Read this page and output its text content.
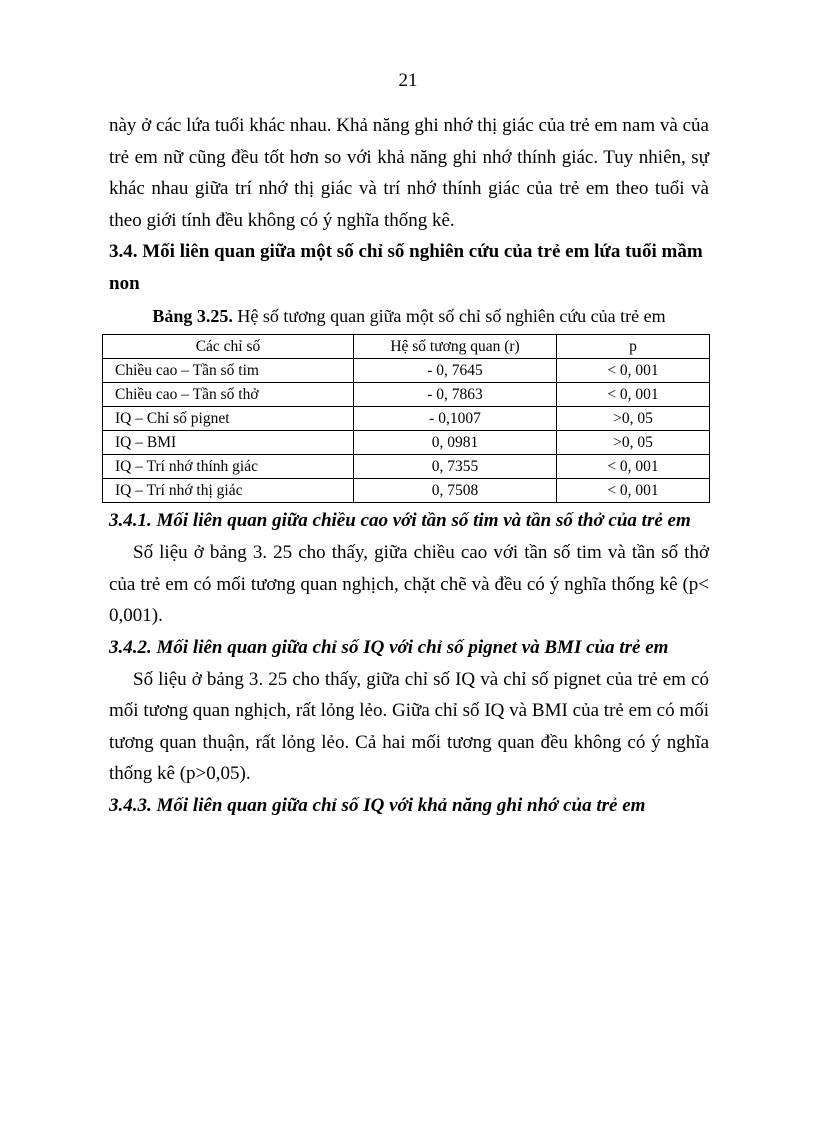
21

này ở các lứa tuổi khác nhau. Khả năng ghi nhớ thị giác của trẻ em nam và của trẻ em nữ cũng đều tốt hơn so với khả năng ghi nhớ thính giác. Tuy nhiên, sự khác nhau giữa trí nhớ thị giác và trí nhớ thính giác của trẻ em theo tuổi và theo giới tính đều không có ý nghĩa thống kê.

3.4. Mối liên quan giữa một số chỉ số nghiên cứu của trẻ em lứa tuổi mầm non

Bảng 3.25. Hệ số tương quan giữa một số chỉ số nghiên cứu của trẻ em
Các chỉ số	Hệ số tương quan (r)	p
Chiều cao – Tần số tim	- 0, 7645	< 0, 001
Chiều cao – Tần số thở	- 0, 7863	< 0, 001
IQ – Chỉ số pignet	- 0,1007	>0, 05
IQ – BMI	0, 0981	>0, 05
IQ – Trí nhớ thính giác	0, 7355	< 0, 001
IQ – Trí nhớ thị giác	0, 7508	< 0, 001

3.4.1. Mối liên quan giữa chiều cao với tần số tim và tần số thở của trẻ em

Số liệu ở bảng 3. 25 cho thấy, giữa chiều cao với tần số tim và tần số thở của trẻ em có mối tương quan nghịch, chặt chẽ và đều có ý nghĩa thống kê (p< 0,001).

3.4.2. Mối liên quan giữa chỉ số IQ với chỉ số pignet và BMI của trẻ em

Số liệu ở bảng 3. 25 cho thấy, giữa chỉ số IQ và chỉ số pignet của trẻ em có mối tương quan nghịch, rất lỏng lẻo. Giữa chỉ số IQ và BMI của trẻ em có mối tương quan thuận, rất lỏng lẻo. Cả hai mối tương quan đều không có ý nghĩa thống kê (p>0,05).

3.4.3. Mối liên quan giữa chỉ số IQ với khả năng ghi nhớ của trẻ em
